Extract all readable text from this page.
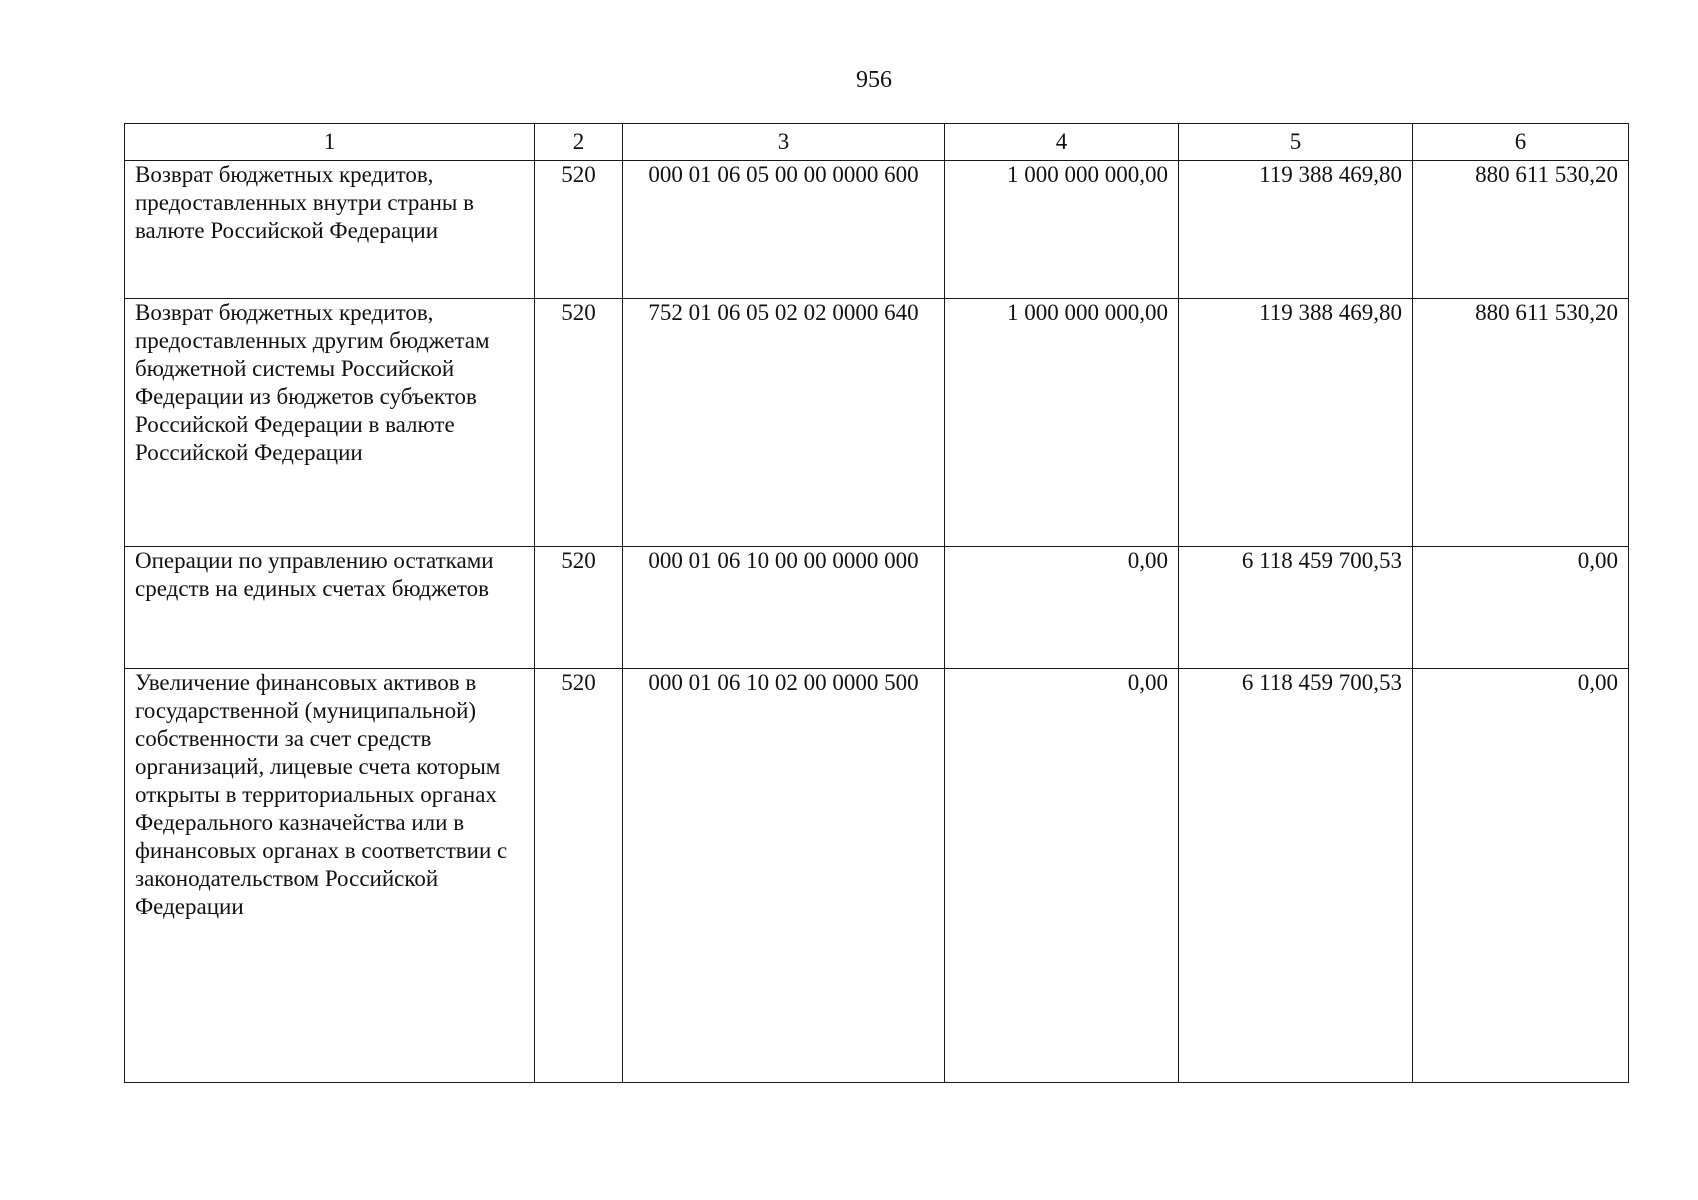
956
1	2	3	4	5	6
Возврат бюджетных кредитов, предоставленных внутри страны в валюте Российской Федерации	520	000 01 06 05 00 00 0000 600	1 000 000 000,00	119 388 469,80	880 611 530,20
Возврат бюджетных кредитов, предоставленных другим бюджетам бюджетной системы Российской Федерации из бюджетов субъектов Российской Федерации в валюте Российской Федерации	520	752 01 06 05 02 02 0000 640	1 000 000 000,00	119 388 469,80	880 611 530,20
Операции по управлению остатками средств на единых счетах бюджетов	520	000 01 06 10 00 00 0000 000	0,00	6 118 459 700,53	0,00
Увеличение финансовых активов в государственной (муниципальной) собственности за счет средств организаций, лицевые счета которым открыты в территориальных органах Федерального казначейства или в финансовых органах в соответствии с законодательством Российской Федерации	520	000 01 06 10 02 00 0000 500	0,00	6 118 459 700,53	0,00
